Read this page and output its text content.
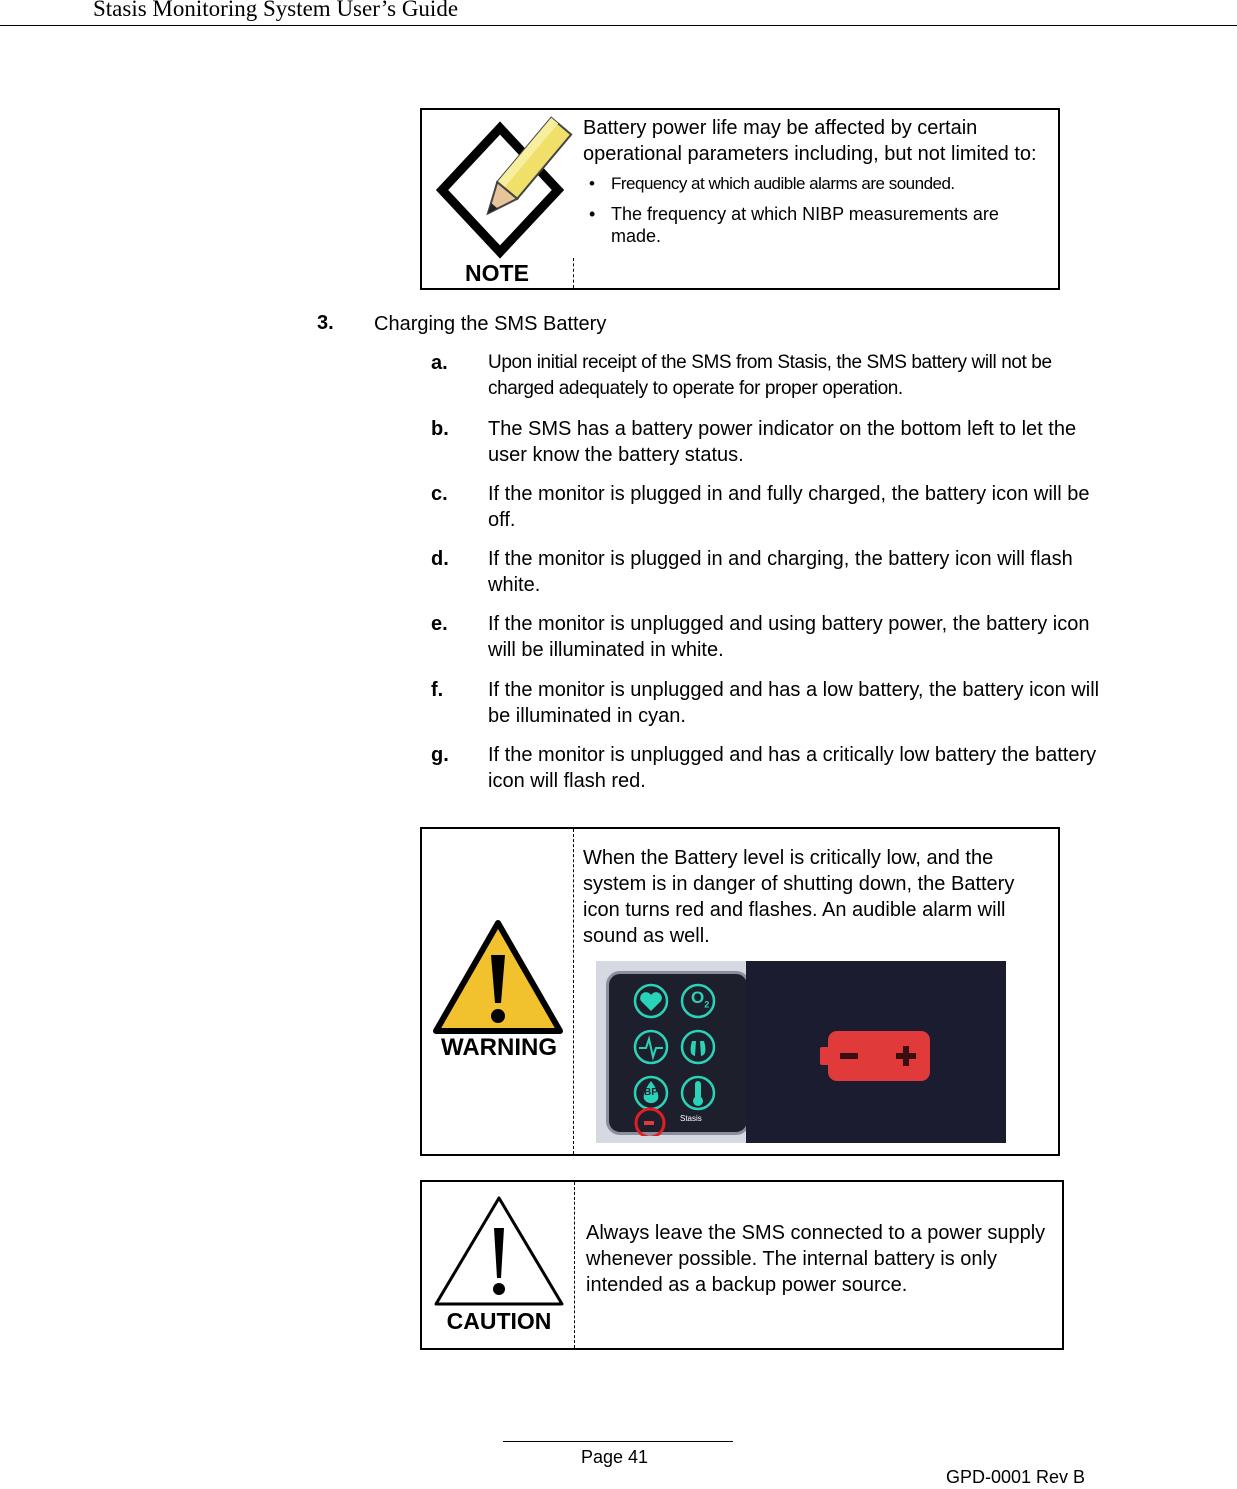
Stasis Monitoring System User’s Guide
NOTE
Battery power life may be affected by certain operational parameters including, but not limited to:
• Frequency at which audible alarms are sounded.
• The frequency at which NIBP measurements are made.
3. Charging the SMS Battery
a. Upon initial receipt of the SMS from Stasis, the SMS battery will not be charged adequately to operate for proper operation.
b. The SMS has a battery power indicator on the bottom left to let the user know the battery status.
c. If the monitor is plugged in and fully charged, the battery icon will be off.
d. If the monitor is plugged in and charging, the battery icon will flash white.
e. If the monitor is unplugged and using battery power, the battery icon will be illuminated in white.
f. If the monitor is unplugged and has a low battery, the battery icon will be illuminated in cyan.
g. If the monitor is unplugged and has a critically low battery the battery icon will flash red.
WARNING
When the Battery level is critically low, and the system is in danger of shutting down, the Battery icon turns red and flashes. An audible alarm will sound as well.
$O_2$
BP
Stasis
CAUTION
Always leave the SMS connected to a power supply whenever possible. The internal battery is only intended as a backup power source.
Page 41
GPD-0001 Rev B
